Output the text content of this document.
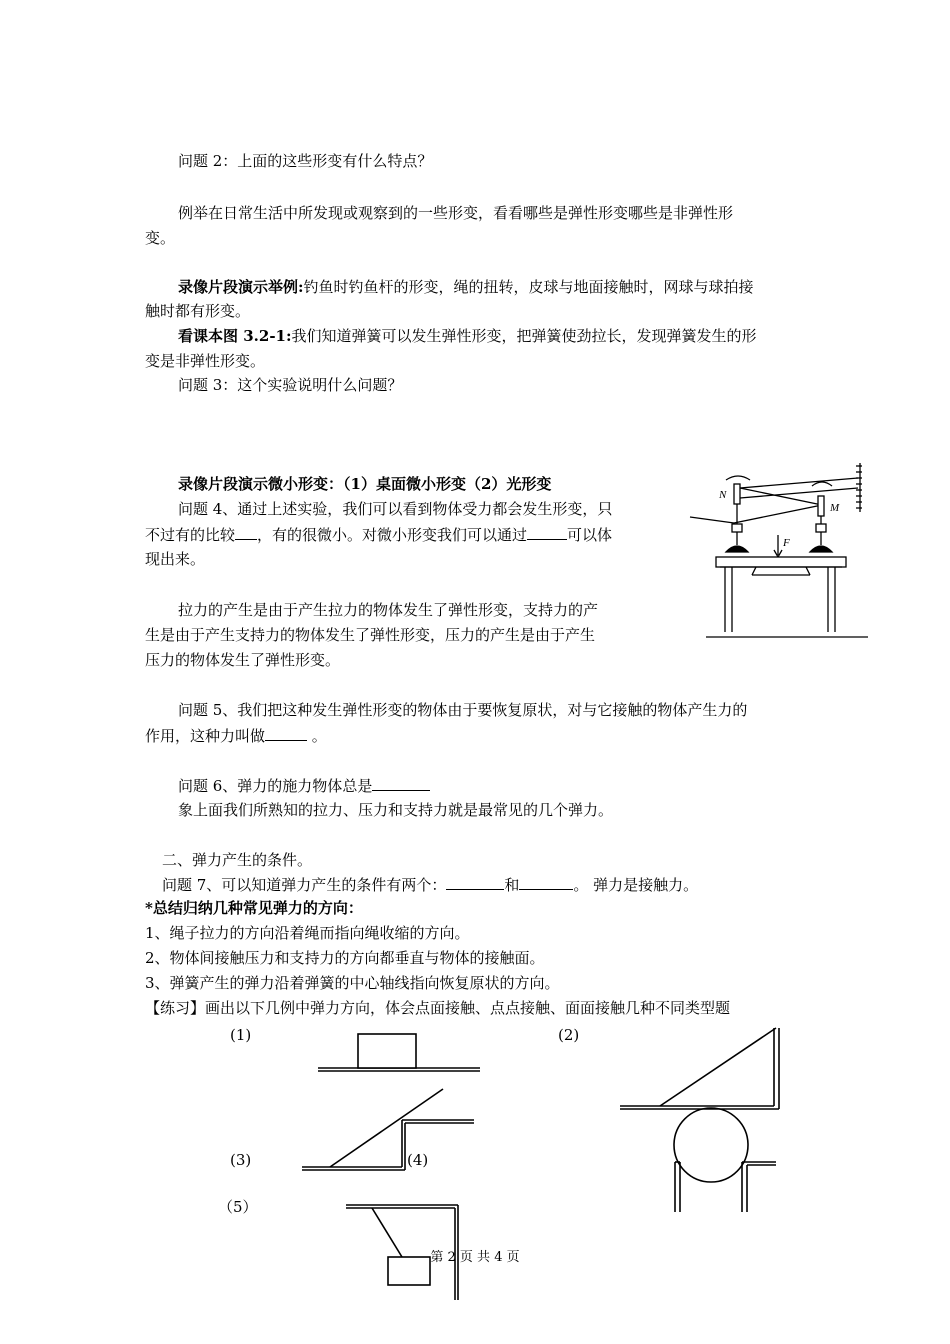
问题 2：上面的这些形变有什么特点？
例举在日常生活中所发现或观察到的一些形变，看看哪些是弹性形变哪些是非弹性形
变。
录像片段演示举例:钓鱼时钓鱼杆的形变，绳的扭转，皮球与地面接触时，网球与球拍接
触时都有形变。
看课本图 3.2-1:我们知道弹簧可以发生弹性形变，把弹簧使劲拉长，发现弹簧发生的形
变是非弹性形变。
问题 3：这个实验说明什么问题？
录像片段演示微小形变：（1）桌面微小形变（2）光形变
问题 4、通过上述实验，我们可以看到物体受力都会发生形变，只
不过有的比较 ，有的很微小。对微小形变我们可以通过	可以体
现出来。
拉力的产生是由于产生拉力的物体发生了弹性形变，支持力的产
生是由于产生支持力的物体发生了弹性形变，压力的产生是由于产生
压力的物体发生了弹性形变。
问题 5、我们把这种发生弹性形变的物体由于要恢复原状，对与它接触的物体产生力的
作用，这种力叫做	。
问题 6、弹力的施力物体总是
象上面我们所熟知的拉力、压力和支持力就是最常见的几个弹力。
二、弹力产生的条件。
问题 7、可以知道弹力产生的条件有两个：	和	。 弹力是接触力。
*总结归纳几种常见弹力的方向：
1、绳子拉力的方向沿着绳而指向绳收缩的方向。
2、物体间接触压力和支持力的方向都垂直与物体的接触面。
3、弹簧产生的弹力沿着弹簧的中心轴线指向恢复原状的方向。
【练习】画出以下几例中弹力方向，体会点面接触、点点接触、面面接触几种不同类型题
(1)	(2)
(3)	(4)
（5）
N
M
F
第 2 页 共 4 页
